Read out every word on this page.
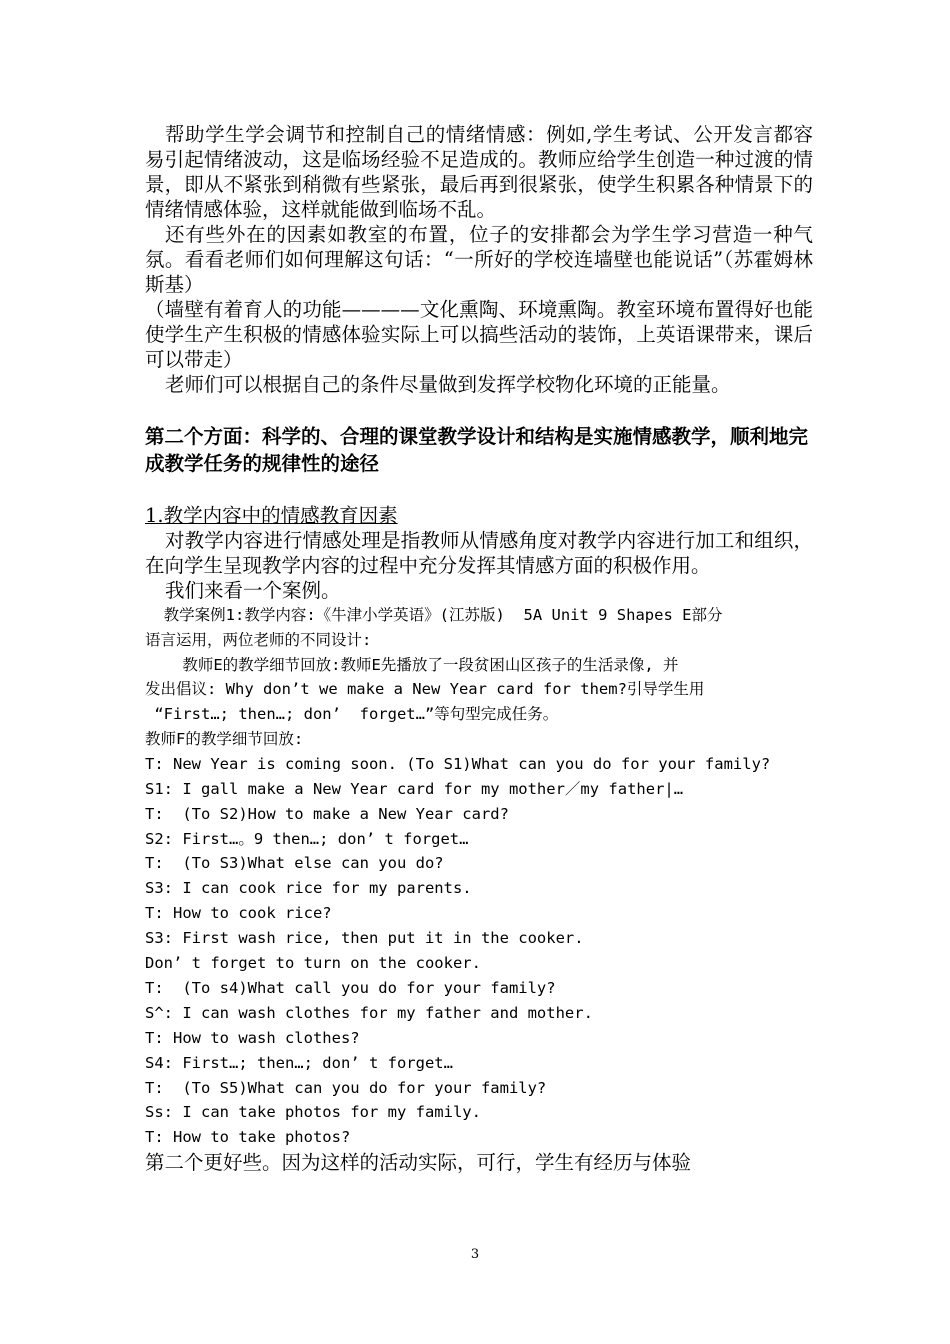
帮助学生学会调节和控制自己的情绪情感：例如,学生考试、公开发言都容易引起情绪波动，这是临场经验不足造成的。教师应给学生创造一种过渡的情景，即从不紧张到稍微有些紧张，最后再到很紧张，使学生积累各种情景下的情绪情感体验，这样就能做到临场不乱。

还有些外在的因素如教室的布置，位子的安排都会为学生学习营造一种气氛。看看老师们如何理解这句话：“一所好的学校连墙壁也能说话”（苏霍姆林斯基）

（墙壁有着育人的功能————文化熏陶、环境熏陶。教室环境布置得好也能使学生产生积极的情感体验实际上可以搞些活动的装饰，上英语课带来，课后可以带走）

老师们可以根据自己的条件尽量做到发挥学校物化环境的正能量。

第二个方面：科学的、合理的课堂教学设计和结构是实施情感教学，顺利地完成教学任务的规律性的途径

1.教学内容中的情感教育因素

对教学内容进行情感处理是指教师从情感角度对教学内容进行加工和组织，在向学生呈现教学内容的过程中充分发挥其情感方面的积极作用。

我们来看一个案例。

教学案例1:教学内容:《牛津小学英语》(江苏版)  5A Unit 9 Shapes E部分

语言运用，两位老师的不同设计:

教师E的教学细节回放:教师E先播放了一段贫困山区孩子的生活录像, 并

发出倡议: Why don’t we make a New Year card for them?引导学生用

“First…; then…; don’  forget…”等句型完成任务。

教师F的教学细节回放:

T: New Year is coming soon. (To S1)What can you do for your family?

S1: I gall make a New Year card for my mother／my father|…

T:  (To S2)How to make a New Year card?

S2: First…。9 then…; don’ t forget…

T:  (To S3)What else can you do?

S3: I can cook rice for my parents.

T: How to cook rice?

S3: First wash rice, then put it in the cooker.

Don’ t forget to turn on the cooker.

T:  (To s4)What call you do for your family?

S^: I can wash clothes for my father and mother.

T: How to wash clothes?

S4: First…; then…; don’ t forget…

T:  (To S5)What can you do for your family?

Ss: I can take photos for my family.

T: How to take photos?

第二个更好些。因为这样的活动实际，可行，学生有经历与体验

3
